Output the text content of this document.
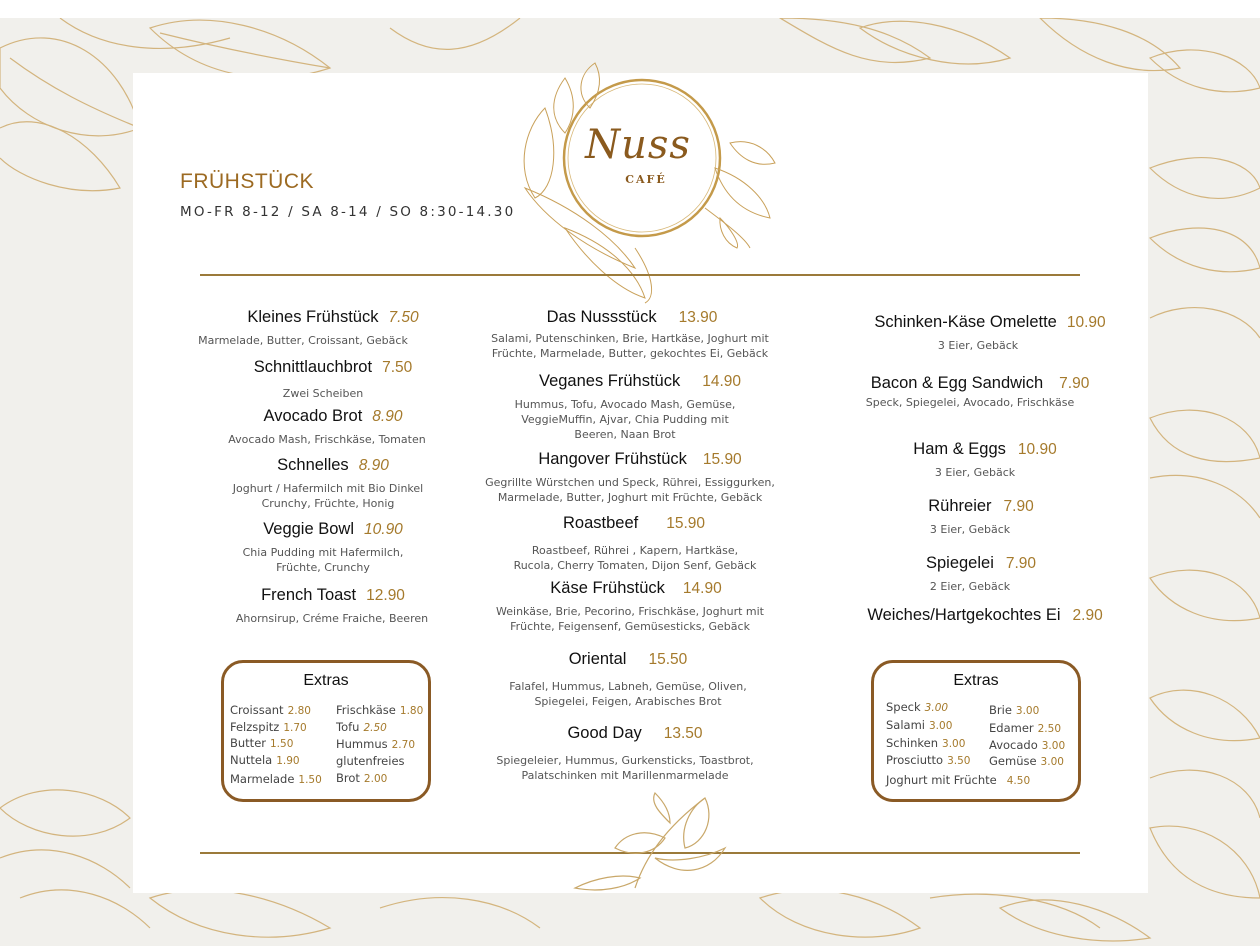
Nuss
CAFÉ
FRÜHSTÜCK
MO-FR 8-12 / SA 8-14 / SO 8:30-14.30
Kleines Frühstück 7.50
Marmelade, Butter, Croissant, Gebäck
Schnittlauchbrot 7.50
Zwei Scheiben
Avocado Brot 8.90
Avocado Mash, Frischkäse, Tomaten
Schnelles 8.90
Joghurt / Hafermilch mit Bio Dinkel
Crunchy, Früchte, Honig
Veggie Bowl 10.90
Chia Pudding mit Hafermilch,
Früchte, Crunchy
French Toast 12.90
Ahornsirup, Créme Fraiche, Beeren
Das Nussstück 13.90
Salami, Putenschinken, Brie, Hartkäse, Joghurt mit
Früchte, Marmelade, Butter, gekochtes Ei, Gebäck
Veganes Frühstück 14.90
Hummus, Tofu, Avocado Mash, Gemüse,
VeggieMuffin, Ajvar, Chia Pudding mit
Beeren, Naan Brot
Hangover Frühstück 15.90
Gegrillte Würstchen und Speck, Rührei, Essiggurken,
Marmelade, Butter, Joghurt mit Früchte, Gebäck
Roastbeef 15.90
Roastbeef, Rührei , Kapern, Hartkäse,
Rucola, Cherry Tomaten, Dijon Senf, Gebäck
Käse Frühstück 14.90
Weinkäse, Brie, Pecorino, Frischkäse, Joghurt mit
Früchte, Feigensenf, Gemüsesticks, Gebäck
Oriental 15.50
Falafel, Hummus, Labneh, Gemüse, Oliven,
Spiegelei, Feigen, Arabisches Brot
Good Day 13.50
Spiegeleier, Hummus, Gurkensticks, Toastbrot,
Palatschinken mit Marillenmarmelade
Schinken-Käse Omelette 10.90
3 Eier, Gebäck
Bacon & Egg Sandwich 7.90
Speck, Spiegelei, Avocado, Frischkäse
Ham & Eggs 10.90
3 Eier, Gebäck
Rühreier 7.90
3 Eier, Gebäck
Spiegelei 7.90
2 Eier, Gebäck
Weiches/Hartgekochtes Ei 2.90
Extras
Croissant 2.80
Felzspitz 1.70
Butter 1.50
Nuttela 1.90
Marmelade 1.50
Frischkäse 1.80
Tofu 2.50
Hummus 2.70
glutenfreies
Brot 2.00
Extras
Speck 3.00
Salami 3.00
Schinken 3.00
Prosciutto 3.50
Brie 3.00
Edamer 2.50
Avocado 3.00
Gemüse 3.00
Joghurt mit Früchte 4.50
